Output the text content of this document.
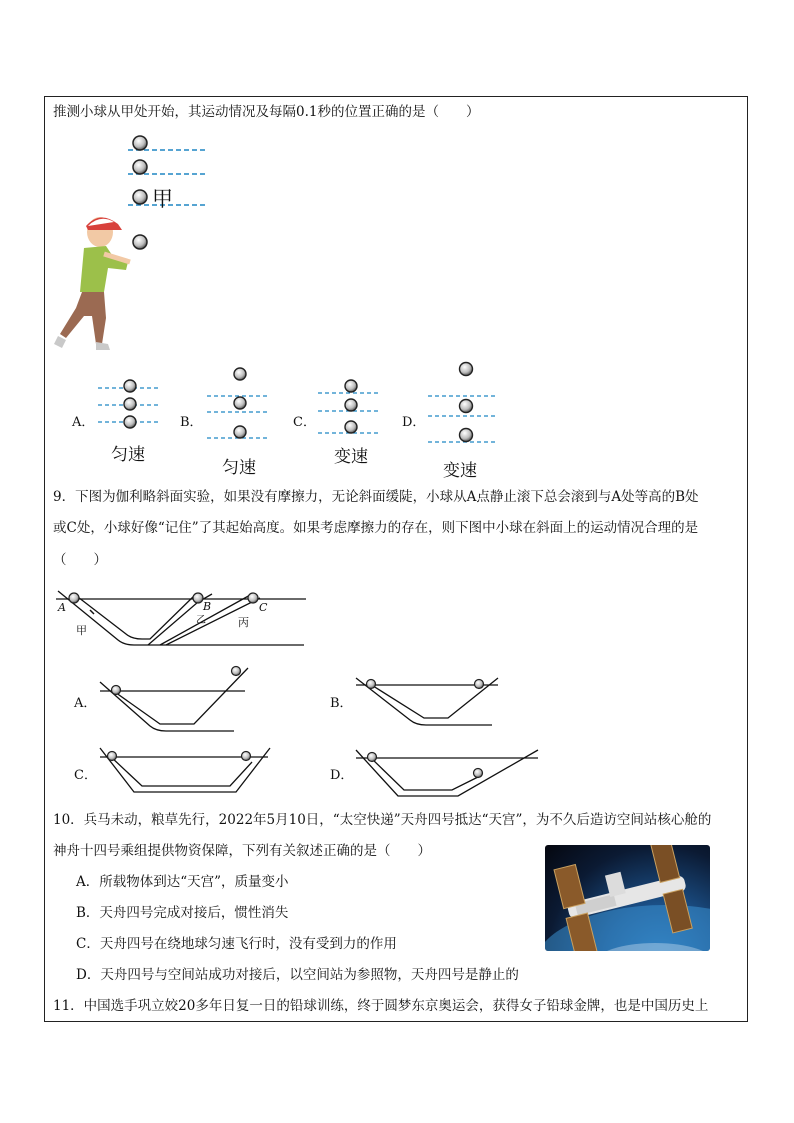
推测小球从甲处开始，其运动情况及每隔0.1秒的位置正确的是（　　）
甲
A．	B．	C．	D．
匀速
匀速
变速
变速
9．下图为伽利略斜面实验，如果没有摩擦力，无论斜面缓陡，小球从A点静止滚下总会滚到与A处等高的B处
或C处，小球好像“记住”了其起始高度。如果考虑摩擦力的存在，则下图中小球在斜面上的运动情况合理的是
（　　）
A	B	C
甲
乙	丙
A．	B．
C．	D．
10．兵马未动，粮草先行，2022年5月10日，“太空快递”天舟四号抵达“天宫”，为不久后造访空间站核心舱的
神舟十四号乘组提供物资保障，下列有关叙述正确的是（　　）
A．所载物体到达“天宫”，质量变小
B．天舟四号完成对接后，惯性消失
C．天舟四号在绕地球匀速飞行时，没有受到力的作用
D．天舟四号与空间站成功对接后，以空间站为参照物，天舟四号是静止的
11．中国选手巩立姣20多年日复一日的铅球训练，终于圆梦东京奥运会，获得女子铅球金牌，也是中国历史上
